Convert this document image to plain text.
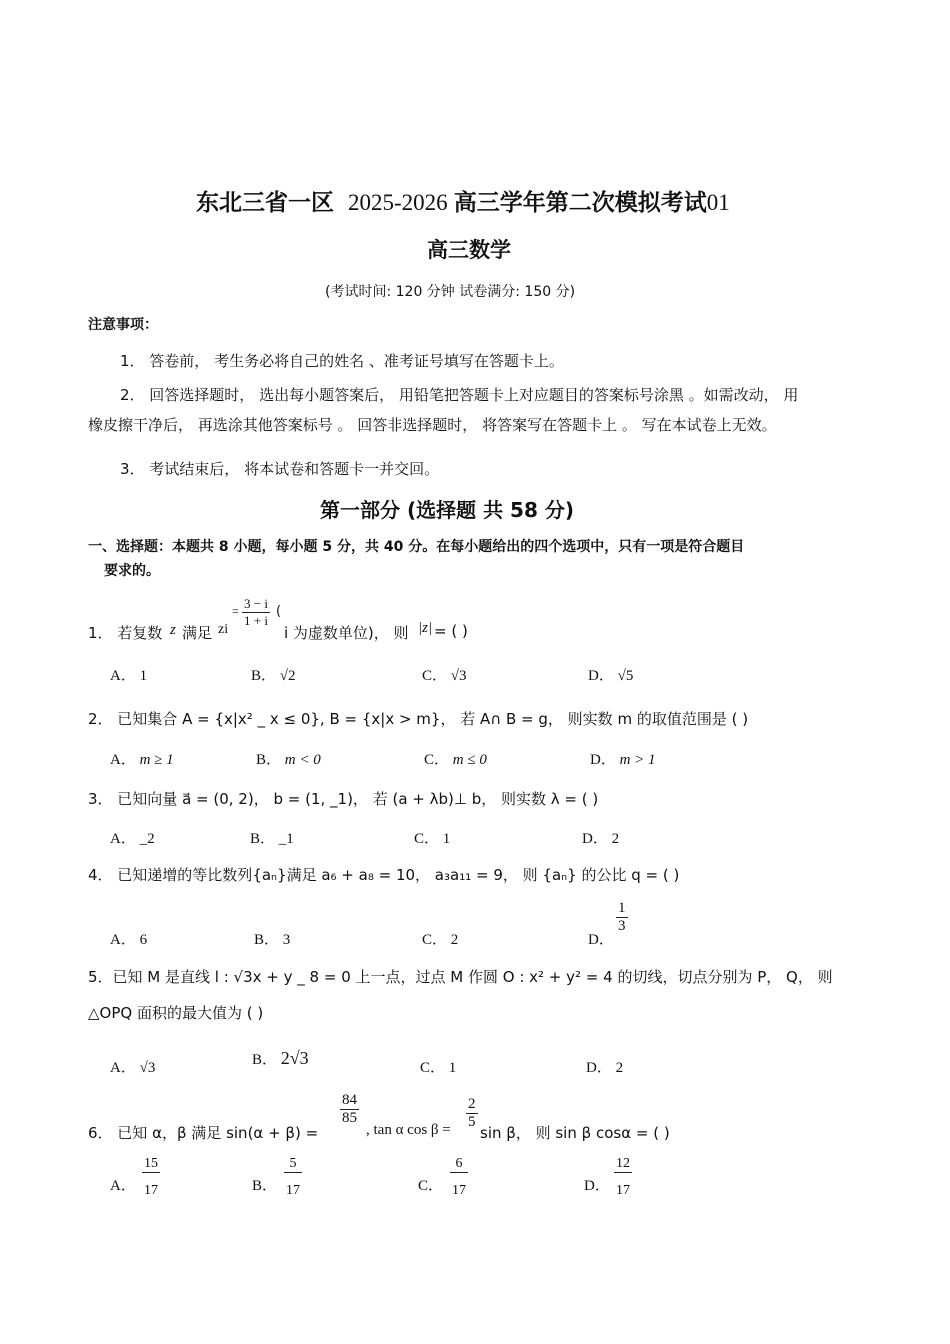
东北三省一区 2025-2026 高三学年第二次模拟考试01
高三数学
(考试时间: 120 分钟 试卷满分: 150 分)
注意事项：
1． 答卷前， 考生务必将自己的姓名 、准考证号填写在答题卡上。
2． 回答选择题时， 选出每小题答案后， 用铅笔把答题卡上对应题目的答案标号涂黑 。如需改动， 用
橡皮擦干净后， 再选涂其他答案标号 。 回答非选择题时， 将答案写在答题卡上 。 写在本试卷上无效。
3． 考试结束后， 将本试卷和答题卡一并交回。
第一部分 (选择题 共 58 分)
一、选择题：本题共 8 小题，每小题 5 分，共 40 分。在每小题给出的四个选项中，只有一项是符合题目
要求的。
1． 若复数 z 满足 zi
= $\frac{3 - i}{1 + i}$ (
i 为虚数单位)， 则 |z| = ( )
A． 1	B． √2	C． √3	D． √5
2． 已知集合 A = {x|x² _ x ≤ 0}, B = {x|x > m}， 若 A∩ B = g， 则实数 m 的取值范围是 ( )
A． m ≥ 1	B． m < 0	C． m ≤ 0	D． m > 1
3． 已知向量 a⃗ = (0, 2)， b = (1, _1)， 若 (a + λb)⊥ b， 则实数 λ = ( )
A． _2	B． _1	C． 1	D． 2
4． 已知递增的等比数列{aₙ}满足 a₆ + a₈ = 10， a₃a₁₁ = 9， 则 {aₙ} 的公比 q = ( )
A． 6	B． 3	C． 2	D．
$\frac{1}{3}$
5．已知 M 是直线 l : √3x + y _ 8 = 0 上一点，过点 M 作圆 O : x² + y² = 4 的切线，切点分别为 P， Q， 则
△OPQ 面积的最大值为 ( )
A． √3	B． 2√3	C． 1	D． 2
6． 已知 α，β 满足 sin(α + β) =
$\frac{84}{85}$
, tan α $\cos \beta = \frac{2}{5}$
sin β， 则 sin β cosα = ( )
A． $\frac{15}{17}$	B． $\frac{5}{17}$	C． $\frac{6}{17}$	D． $\frac{12}{17}$
